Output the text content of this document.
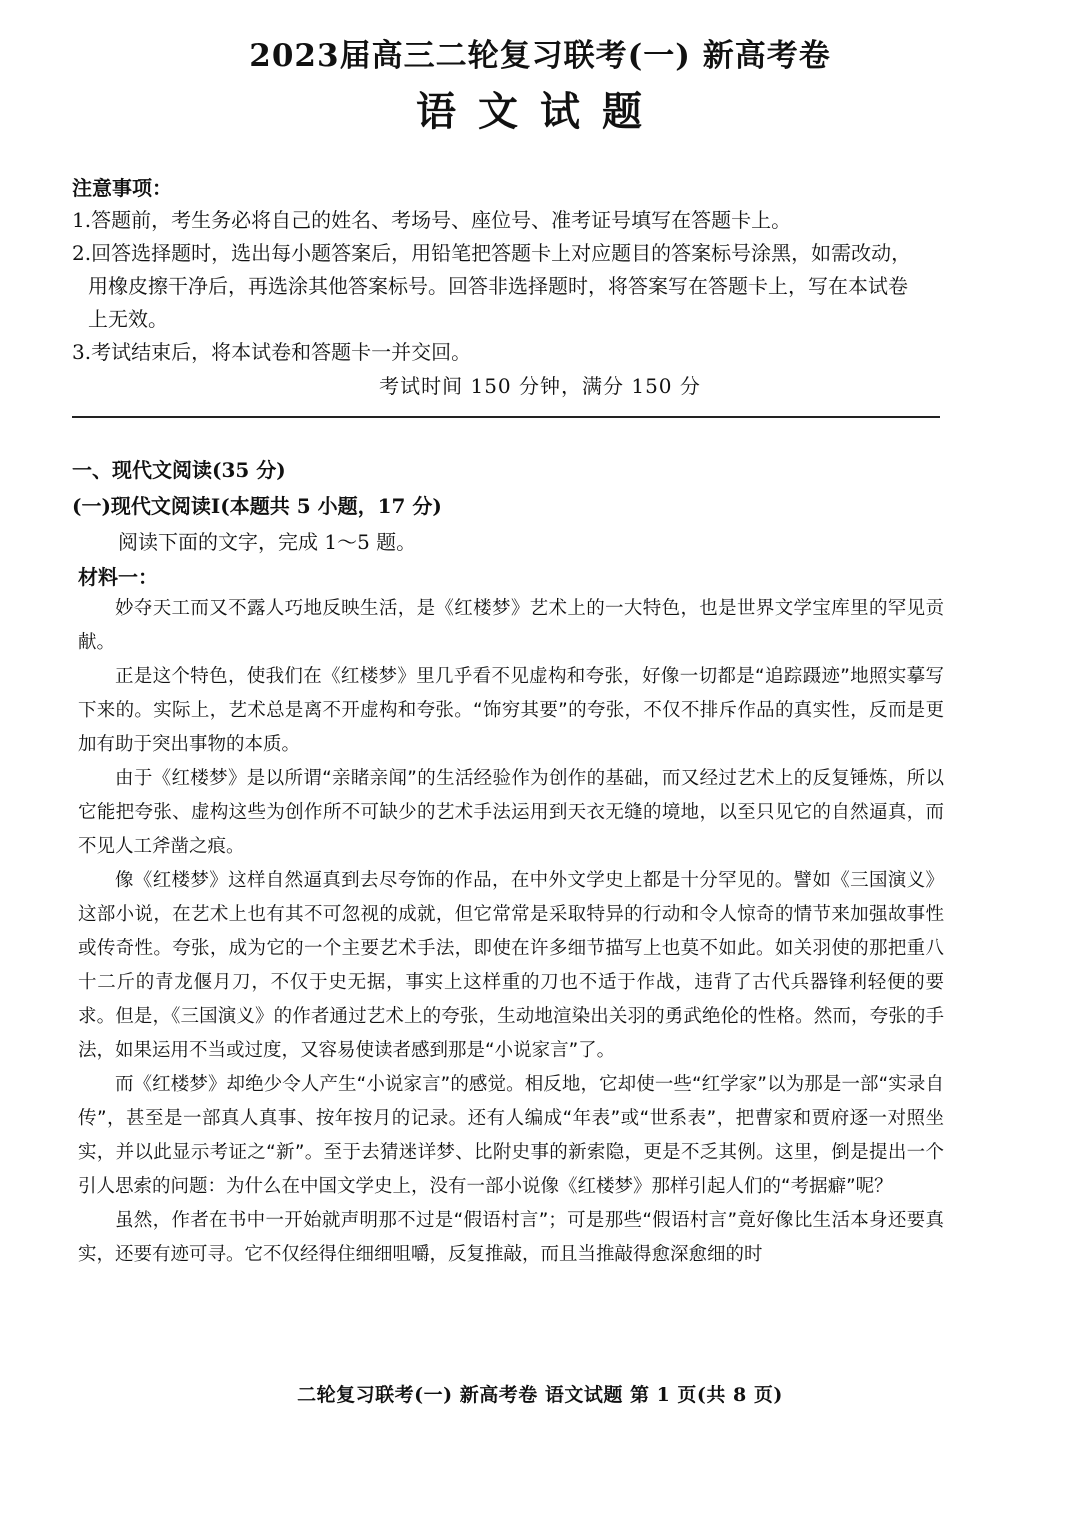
2023届高三二轮复习联考(一) 新高考卷
语文试题
注意事项：
1.答题前，考生务必将自己的姓名、考场号、座位号、准考证号填写在答题卡上。
2.回答选择题时，选出每小题答案后，用铅笔把答题卡上对应题目的答案标号涂黑，如需改动，
用橡皮擦干净后，再选涂其他答案标号。回答非选择题时，将答案写在答题卡上，写在本试卷
上无效。
3.考试结束后，将本试卷和答题卡一并交回。
考试时间 150 分钟，满分 150 分
一、现代文阅读(35 分)
(一)现代文阅读Ⅰ(本题共 5 小题，17 分)
阅读下面的文字，完成 1～5 题。
材料一：

妙夺天工而又不露人巧地反映生活，是《红楼梦》艺术上的一大特色，也是世界文学宝库里的罕见贡献。

正是这个特色，使我们在《红楼梦》里几乎看不见虚构和夸张，好像一切都是“追踪蹑迹”地照实摹写下来的。实际上，艺术总是离不开虚构和夸张。“饰穷其要”的夸张，不仅不排斥作品的真实性，反而是更加有助于突出事物的本质。

由于《红楼梦》是以所谓“亲睹亲闻”的生活经验作为创作的基础，而又经过艺术上的反复锤炼，所以它能把夸张、虚构这些为创作所不可缺少的艺术手法运用到天衣无缝的境地，以至只见它的自然逼真，而不见人工斧凿之痕。

像《红楼梦》这样自然逼真到去尽夸饰的作品，在中外文学史上都是十分罕见的。譬如《三国演义》这部小说，在艺术上也有其不可忽视的成就，但它常常是采取特异的行动和令人惊奇的情节来加强故事性或传奇性。夸张，成为它的一个主要艺术手法，即使在许多细节描写上也莫不如此。如关羽使的那把重八十二斤的青龙偃月刀，不仅于史无据，事实上这样重的刀也不适于作战，违背了古代兵器锋利轻便的要求。但是，《三国演义》的作者通过艺术上的夸张，生动地渲染出关羽的勇武绝伦的性格。然而，夸张的手法，如果运用不当或过度，又容易使读者感到那是“小说家言”了。

而《红楼梦》却绝少令人产生“小说家言”的感觉。相反地，它却使一些“红学家”以为那是一部“实录自传”，甚至是一部真人真事、按年按月的记录。还有人编成“年表”或“世系表”，把曹家和贾府逐一对照坐实，并以此显示考证之“新”。至于去猜迷详梦、比附史事的新索隐，更是不乏其例。这里，倒是提出一个引人思索的问题：为什么在中国文学史上，没有一部小说像《红楼梦》那样引起人们的“考据癖”呢？

虽然，作者在书中一开始就声明那不过是“假语村言”；可是那些“假语村言”竟好像比生活本身还要真实，还要有迹可寻。它不仅经得住细细咀嚼，反复推敲，而且当推敲得愈深愈细的时

二轮复习联考(一) 新高考卷 语文试题 第 1 页(共 8 页)
